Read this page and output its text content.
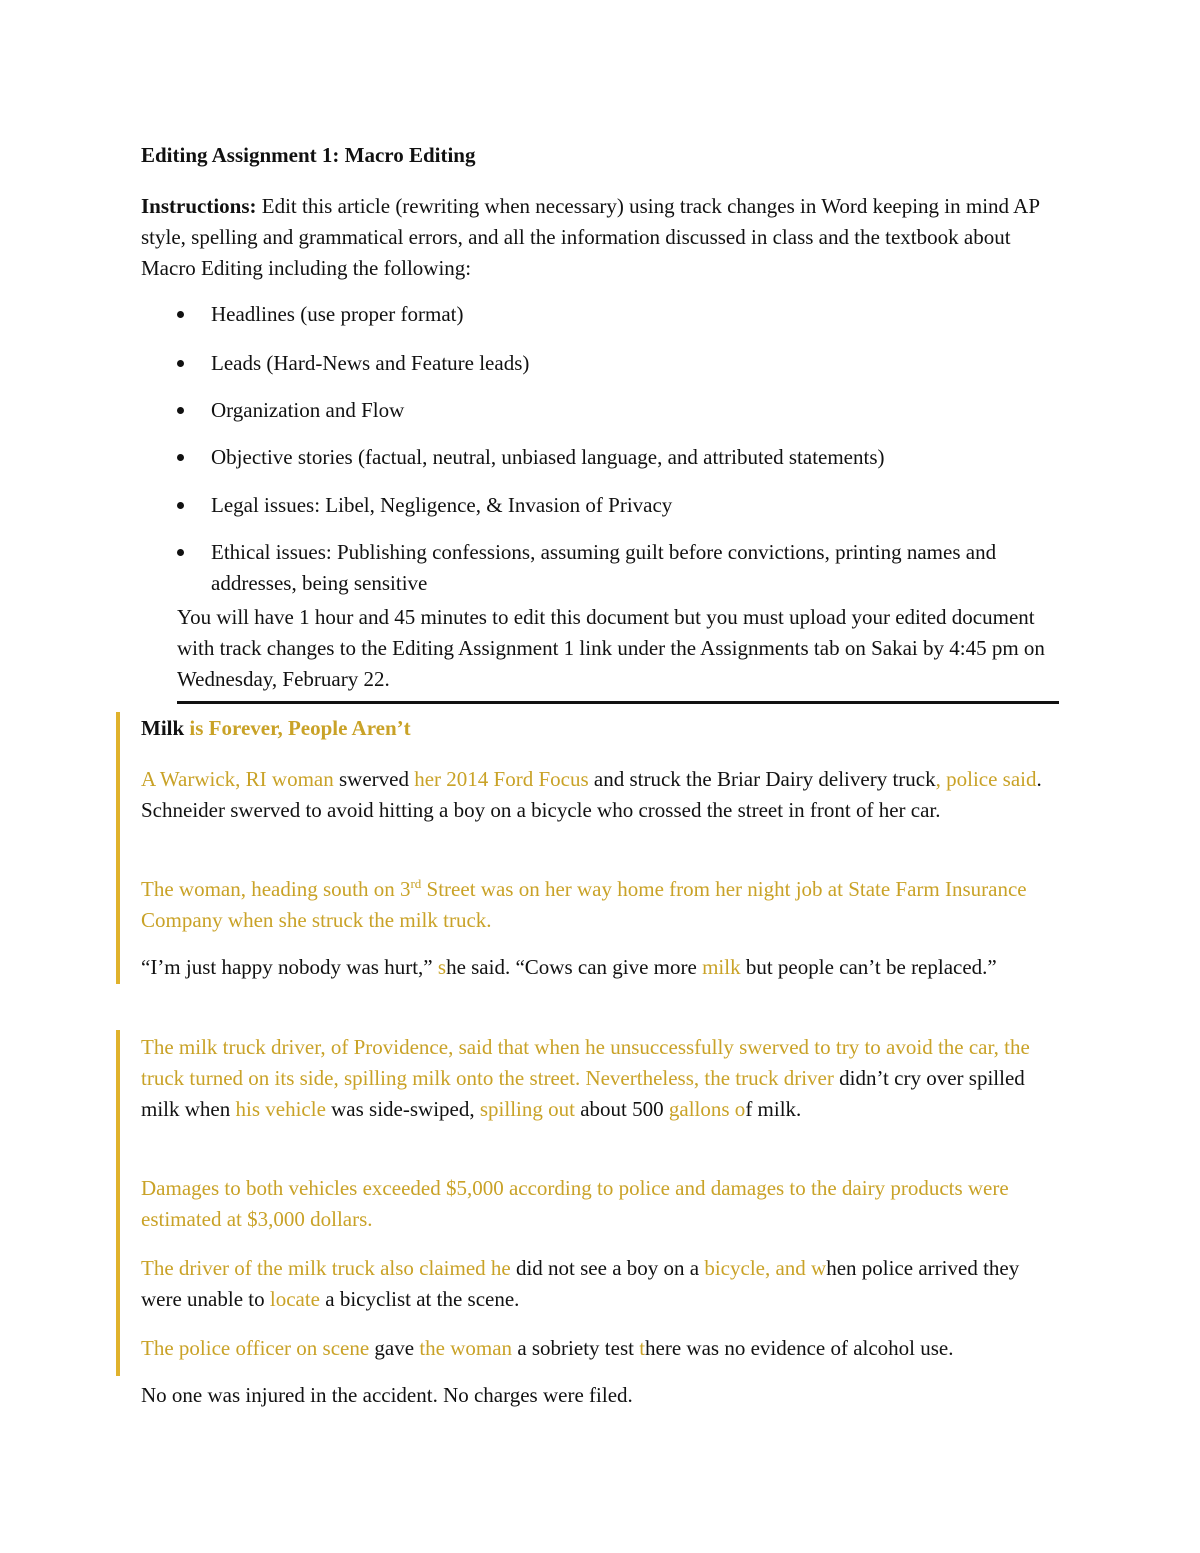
Editing Assignment 1: Macro Editing

Instructions: Edit this article (rewriting when necessary) using track changes in Word keeping in mind AP style, spelling and grammatical errors, and all the information discussed in class and the textbook about Macro Editing including the following:

Headlines (use proper format)
Leads (Hard-News and Feature leads)
Organization and Flow
Objective stories (factual, neutral, unbiased language, and attributed statements)
Legal issues: Libel, Negligence, & Invasion of Privacy
Ethical issues: Publishing confessions, assuming guilt before convictions, printing names and addresses, being sensitive

You will have 1 hour and 45 minutes to edit this document but you must upload your edited document with track changes to the Editing Assignment 1 link under the Assignments tab on Sakai by 4:45 pm on Wednesday, February 22.

Milk is Forever, People Aren’t

A Warwick, RI woman swerved her 2014 Ford Focus and struck the Briar Dairy delivery truck, police said. Schneider swerved to avoid hitting a boy on a bicycle who crossed the street in front of her car.

The woman, heading south on 3rd Street was on her way home from her night job at State Farm Insurance Company when she struck the milk truck.

“I’m just happy nobody was hurt,” she said. “Cows can give more milk but people can’t be replaced.”

The milk truck driver, of Providence, said that when he unsuccessfully swerved to try to avoid the car, the truck turned on its side, spilling milk onto the street. Nevertheless, the truck driver didn’t cry over spilled milk when his vehicle was side-swiped, spilling out about 500 gallons of milk.

Damages to both vehicles exceeded $5,000 according to police and damages to the dairy products were estimated at $3,000 dollars.

The driver of the milk truck also claimed he did not see a boy on a bicycle, and when police arrived they were unable to locate a bicyclist at the scene.

The police officer on scene gave the woman a sobriety test there was no evidence of alcohol use.

No one was injured in the accident. No charges were filed.
